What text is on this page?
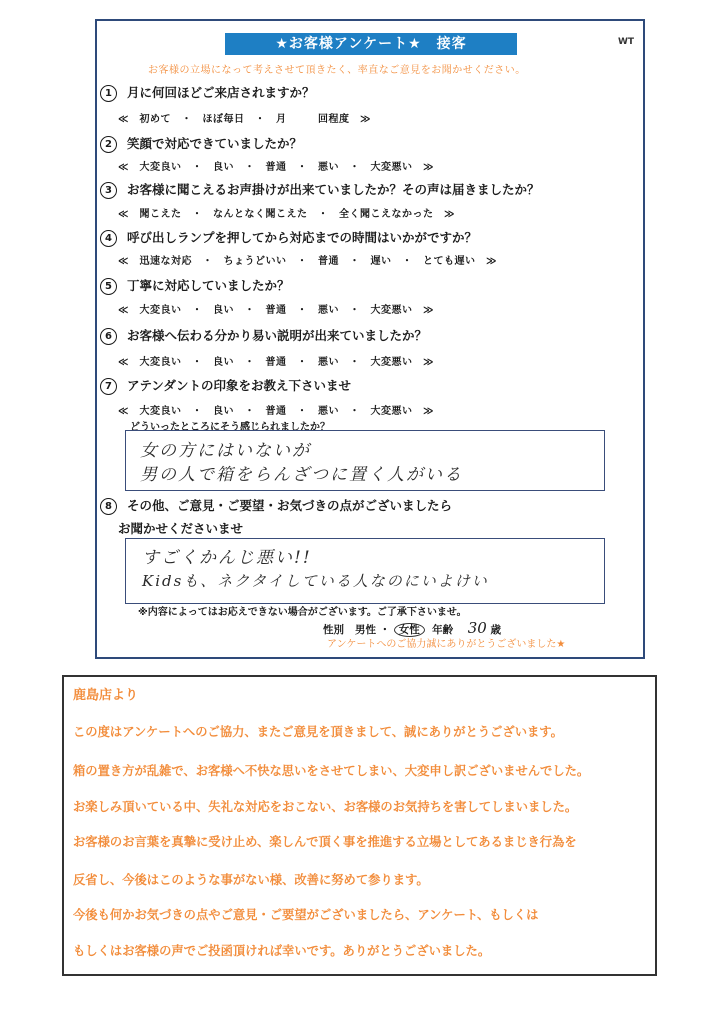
★お客様アンケート★　接客	WT
お客様の立場になって考えさせて頂きたく、率直なご意見をお聞かせください。
1 月に何回ほどご来店されますか？
≪　初めて　・　ほぼ毎日　・　月　　　回程度　≫
2 笑顔で対応できていましたか？
≪　大変良い　・　良い　・　普通　・　悪い　・　大変悪い　≫
3 お客様に聞こえるお声掛けが出来ていましたか？その声は届きましたか？
≪　聞こえた　・　なんとなく聞こえた　・　全く聞こえなかった　≫
4 呼び出しランプを押してから対応までの時間はいかがですか？
≪　迅速な対応　・　ちょうどいい　・　普通　・　遅い　・　とても遅い　≫
5 丁寧に対応していましたか？
≪　大変良い　・　良い　・　普通　・　悪い　・　大変悪い　≫
6 お客様へ伝わる分かり易い説明が出来ていましたか？
≪　大変良い　・　良い　・　普通　・　悪い　・　大変悪い　≫
7 アテンダントの印象をお教え下さいませ
≪　大変良い　・　良い　・　普通　・　悪い　・　大変悪い　≫
どういったところにそう感じられましたか？
女の方にはいないが
男の人で箱をらんざつに置く人がいる
8 その他、ご意見・ご要望・お気づきの点がございましたら
お聞かせくださいませ
すごくかんじ悪い!!
Kidsも、ネクタイしている人なのにいよけい
※内容によってはお応えできない場合がございます。ご了承下さいませ。
性別 男性 ・ 女性 年齢 30 歳
アンケートへのご協力誠にありがとうございました★
鹿島店より
この度はアンケートへのご協力、またご意見を頂きまして、誠にありがとうございます。
箱の置き方が乱雑で、お客様へ不快な思いをさせてしまい、大変申し訳ございませんでした。
お楽しみ頂いている中、失礼な対応をおこない、お客様のお気持ちを害してしまいました。
お客様のお言葉を真摯に受け止め、楽しんで頂く事を推進する立場としてあるまじき行為を
反省し、今後はこのような事がない様、改善に努めて参ります。
今後も何かお気づきの点やご意見・ご要望がございましたら、アンケート、もしくは
もしくはお客様の声でご投函頂ければ幸いです。ありがとうございました。
